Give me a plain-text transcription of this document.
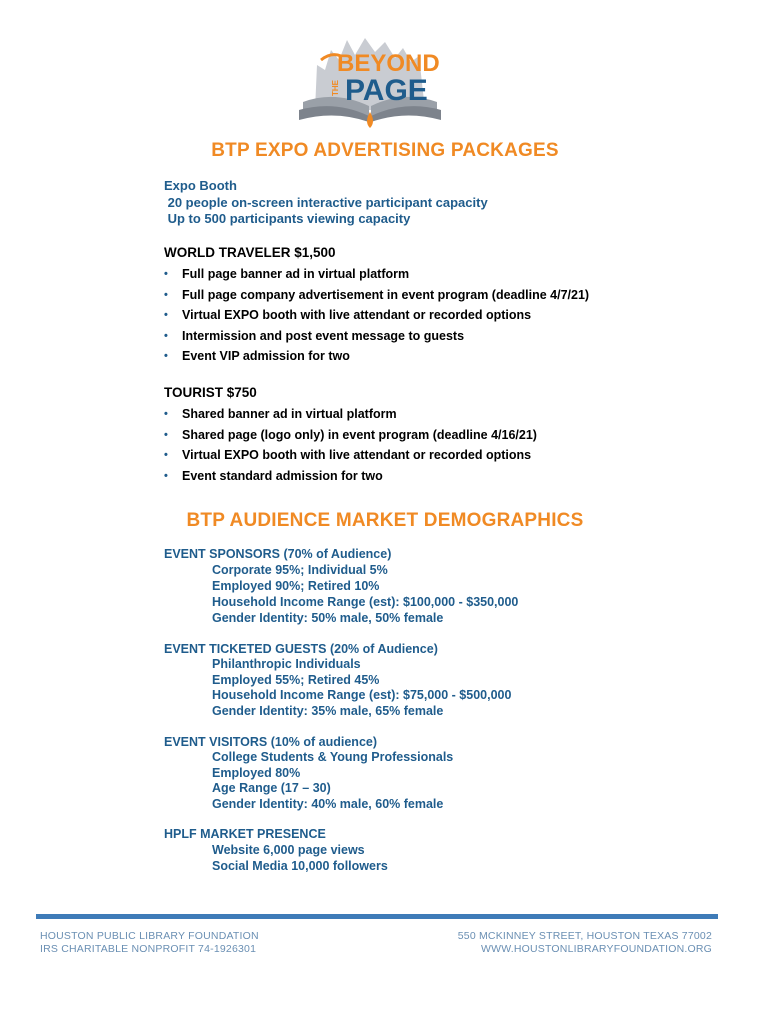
BEYOND
THE PAGE
BTP EXPO ADVERTISING PACKAGES
Expo Booth
20 people on-screen interactive participant capacity
Up to 500 participants viewing capacity
WORLD TRAVELER $1,500
• Full page banner ad in virtual platform
• Full page company advertisement in event program (deadline 4/7/21)
• Virtual EXPO booth with live attendant or recorded options
• Intermission and post event message to guests
• Event VIP admission for two
TOURIST $750
• Shared banner ad in virtual platform
• Shared page (logo only) in event program (deadline 4/16/21)
• Virtual EXPO booth with live attendant or recorded options
• Event standard admission for two
BTP AUDIENCE MARKET DEMOGRAPHICS
EVENT SPONSORS (70% of Audience)
Corporate 95%; Individual 5%
Employed 90%; Retired 10%
Household Income Range (est): $100,000 - $350,000
Gender Identity: 50% male, 50% female
EVENT TICKETED GUESTS (20% of Audience)
Philanthropic Individuals
Employed 55%; Retired 45%
Household Income Range (est): $75,000 - $500,000
Gender Identity: 35% male, 65% female
EVENT VISITORS (10% of audience)
College Students & Young Professionals
Employed 80%
Age Range (17 – 30)
Gender Identity: 40% male, 60% female
HPLF MARKET PRESENCE
Website 6,000 page views
Social Media 10,000 followers
HOUSTON PUBLIC LIBRARY FOUNDATION
IRS CHARITABLE NONPROFIT 74-1926301
550 MCKINNEY STREET, HOUSTON TEXAS 77002
WWW.HOUSTONLIBRARYFOUNDATION.ORG
